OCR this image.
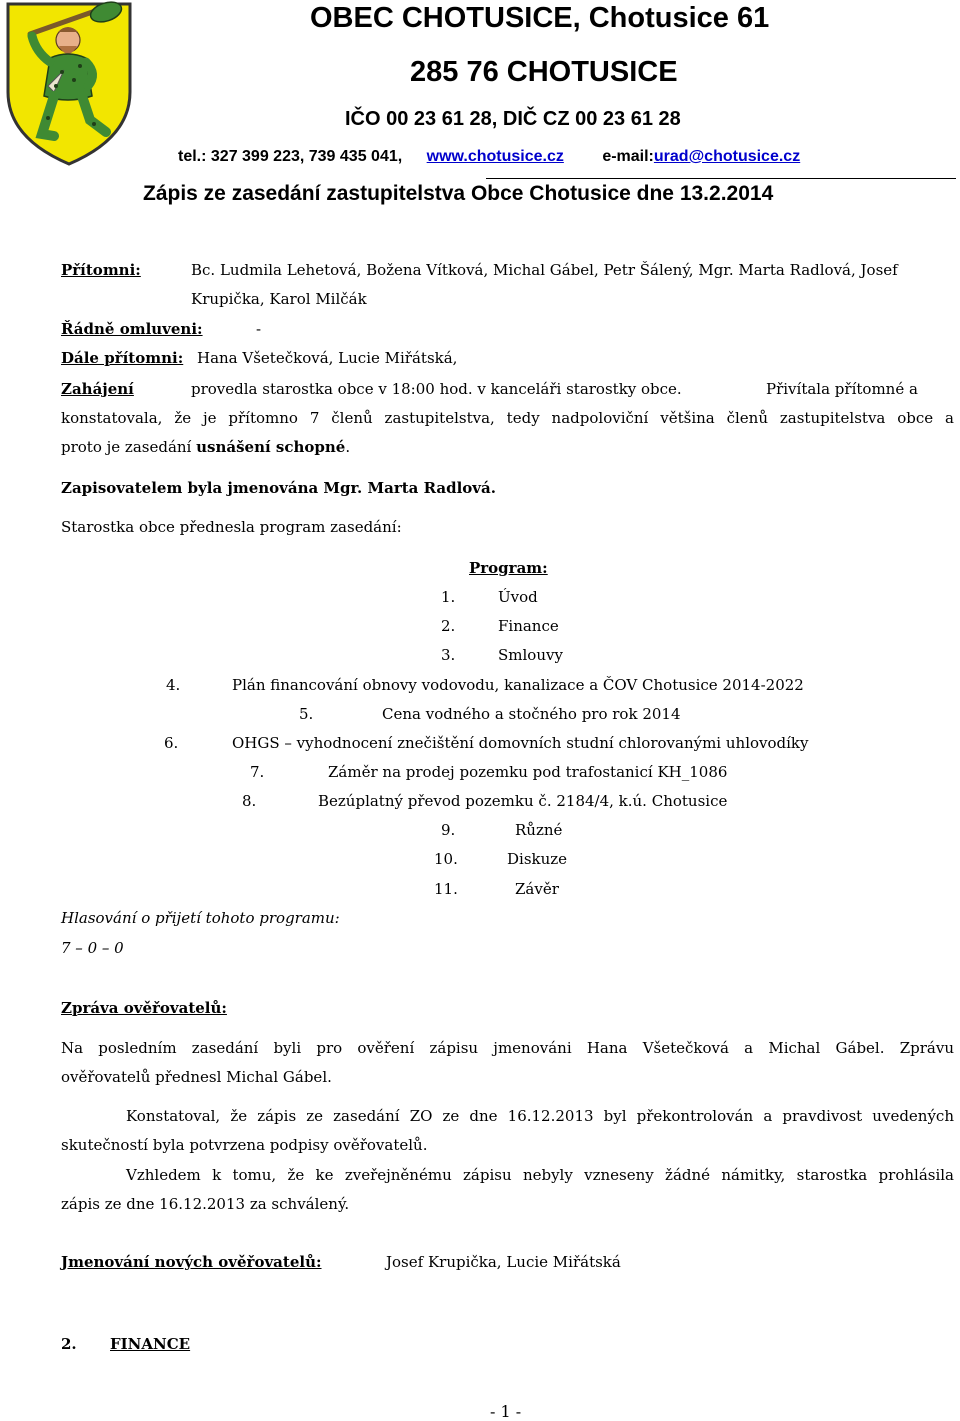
OBEC CHOTUSICE, Chotusice 61
285 76 CHOTUSICE
IČO 00 23 61 28, DIČ CZ 00 23 61 28
tel.: 327 399 223, 739 435 041, www.chotusice.cz e-mail:urad@chotusice.cz
Zápis ze zasedání zastupitelstva Obce Chotusice dne 13.2.2014
Přítomni:	Bc. Ludmila Lehetová, Božena Vítková, Michal Gábel, Petr Šálený, Mgr. Marta Radlová, Josef
Krupička, Karol Milčák
Řádně omluveni:	-
Dále přítomni: Hana Všetečková, Lucie Miřátská,
Zahájení	provedla starostka obce v 18:00 hod. v kanceláři starostky obce.	Přivítala přítomné a
konstatovala, že je přítomno 7 členů zastupitelstva, tedy nadpoloviční většina členů zastupitelstva obce a
proto je zasedání usnášení schopné.
Zapisovatelem byla jmenována Mgr. Marta Radlová.
Starostka obce přednesla program zasedání:
Program:
1.	Úvod
2.	Finance
3.	Smlouvy
4.	Plán financování obnovy vodovodu, kanalizace a ČOV Chotusice 2014-2022
5.	Cena vodného a stočného pro rok 2014
6.	OHGS – vyhodnocení znečištění domovních studní chlorovanými uhlovodíky
7.	Záměr na prodej pozemku pod trafostanicí KH_1086
8.	Bezúplatný převod pozemku č. 2184/4, k.ú. Chotusice
9.	Různé
10.	Diskuze
11.	Závěr
Hlasování o přijetí tohoto programu:
7 – 0 – 0
Zpráva ověřovatelů:
Na posledním zasedání byli pro ověření zápisu jmenováni Hana Všetečková a Michal Gábel. Zprávu
ověřovatelů přednesl Michal Gábel.
Konstatoval, že zápis ze zasedání ZO ze dne 16.12.2013 byl překontrolován a pravdivost uvedených
skutečností byla potvrzena podpisy ověřovatelů.
Vzhledem k tomu, že ke zveřejněnému zápisu nebyly vzneseny žádné námitky, starostka prohlásila
zápis ze dne 16.12.2013 za schválený.
Jmenování nových ověřovatelů:	Josef Krupička, Lucie Miřátská
2. FINANCE
- 1 -
